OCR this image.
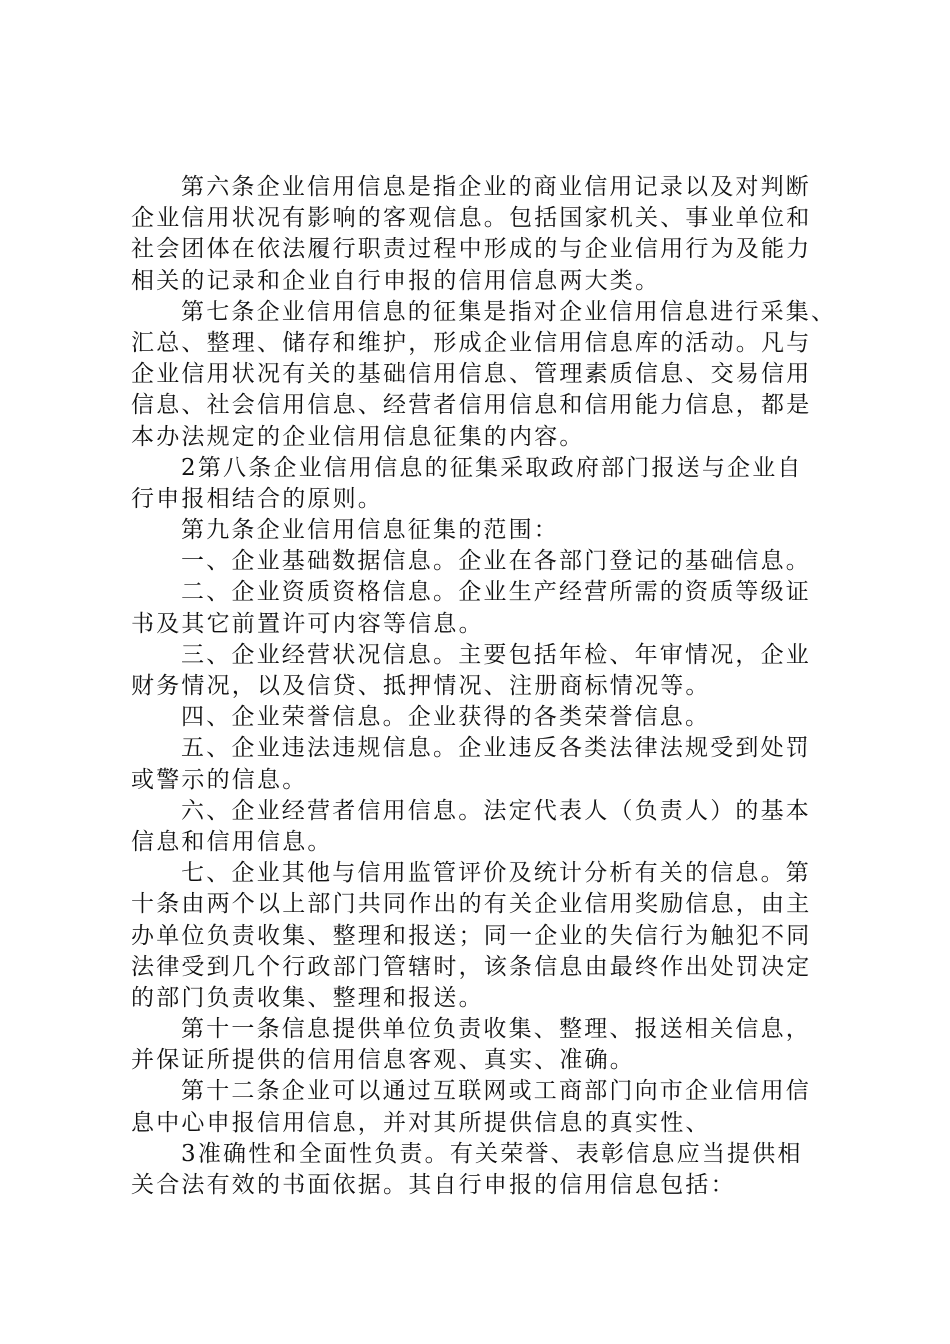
第六条企业信用信息是指企业的商业信用记录以及对判断
企业信用状况有影响的客观信息。包括国家机关、事业单位和
社会团体在依法履行职责过程中形成的与企业信用行为及能力
相关的记录和企业自行申报的信用信息两大类。
第七条企业信用信息的征集是指对企业信用信息进行采集、
汇总、整理、储存和维护，形成企业信用信息库的活动。凡与
企业信用状况有关的基础信用信息、管理素质信息、交易信用
信息、社会信用信息、经营者信用信息和信用能力信息，都是
本办法规定的企业信用信息征集的内容。
2第八条企业信用信息的征集采取政府部门报送与企业自
行申报相结合的原则。
第九条企业信用信息征集的范围：
一、企业基础数据信息。企业在各部门登记的基础信息。
二、企业资质资格信息。企业生产经营所需的资质等级证
书及其它前置许可内容等信息。
三、企业经营状况信息。主要包括年检、年审情况，企业
财务情况，以及信贷、抵押情况、注册商标情况等。
四、企业荣誉信息。企业获得的各类荣誉信息。
五、企业违法违规信息。企业违反各类法律法规受到处罚
或警示的信息。
六、企业经营者信用信息。法定代表人（负责人）的基本
信息和信用信息。
七、企业其他与信用监管评价及统计分析有关的信息。第
十条由两个以上部门共同作出的有关企业信用奖励信息，由主
办单位负责收集、整理和报送；同一企业的失信行为触犯不同
法律受到几个行政部门管辖时，该条信息由最终作出处罚决定
的部门负责收集、整理和报送。
第十一条信息提供单位负责收集、整理、报送相关信息，
并保证所提供的信用信息客观、真实、准确。
第十二条企业可以通过互联网或工商部门向市企业信用信
息中心申报信用信息，并对其所提供信息的真实性、
3准确性和全面性负责。有关荣誉、表彰信息应当提供相
关合法有效的书面依据。其自行申报的信用信息包括：
